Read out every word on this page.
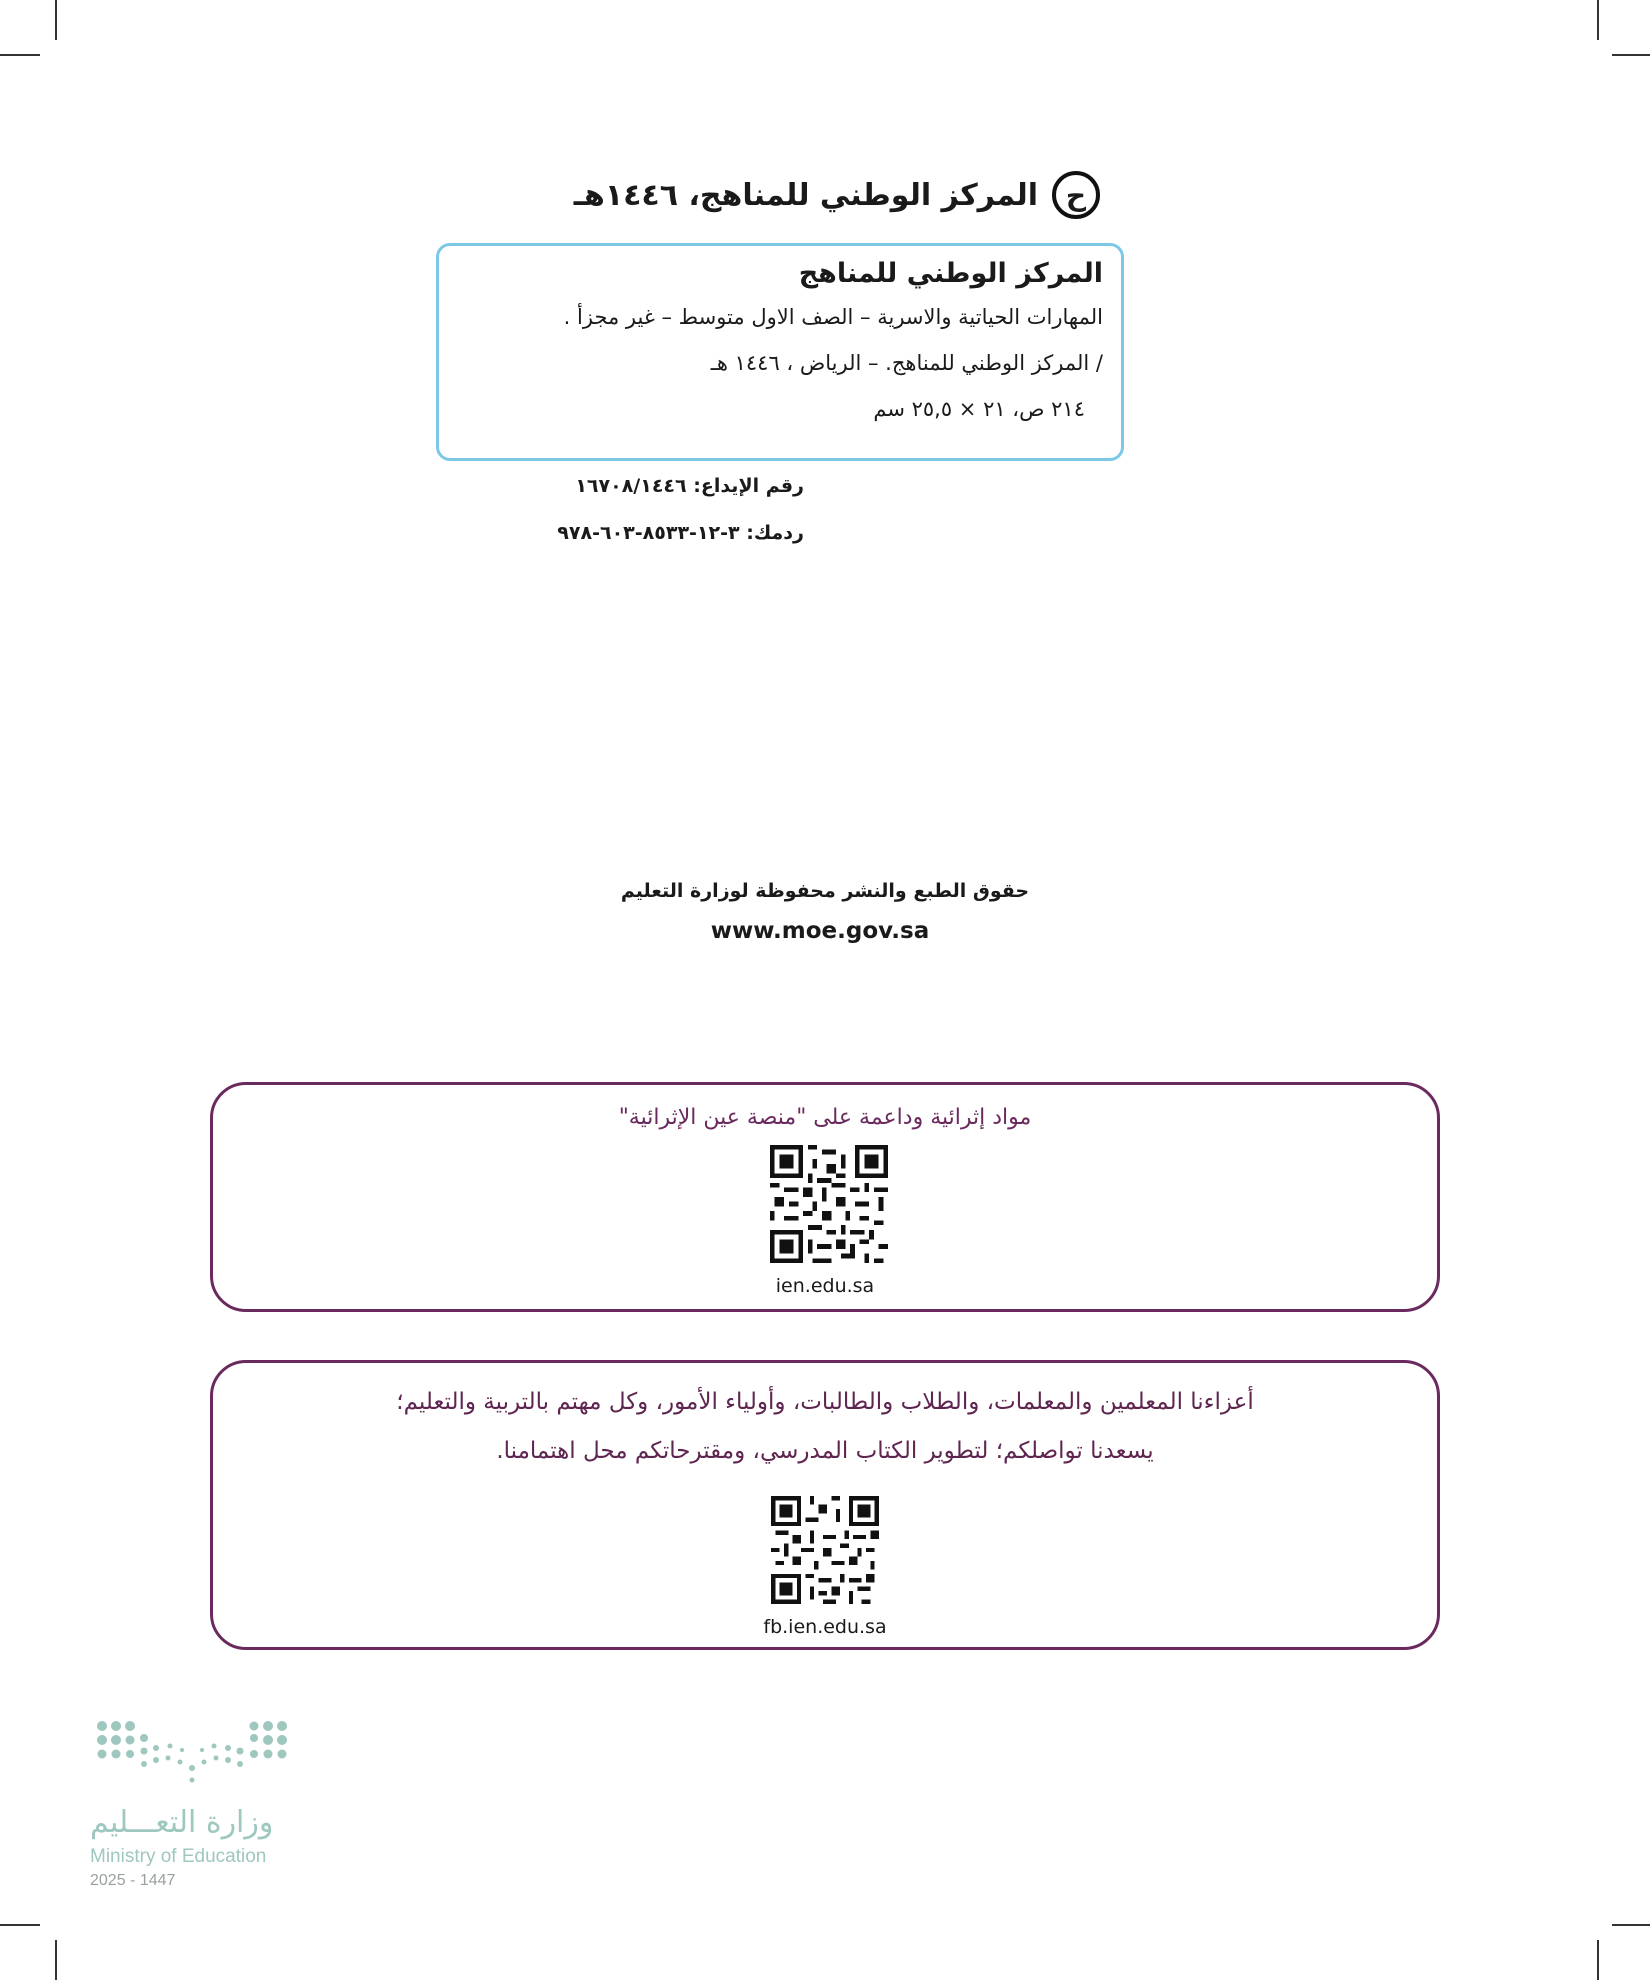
ح
المركز الوطني للمناهج، ١٤٤٦هـ
المركز الوطني للمناهج
المهارات الحياتية والاسرية – الصف الاول متوسط – غير مجزأ .
/ المركز الوطني للمناهج. – الرياض ، ١٤٤٦ هـ
٢١٤ ص، ٢١ × ٢٥,٥ سم
رقم الإيداع: ١٦٧٠٨/١٤٤٦
ردمك: ٣-١٢-٨٥٣٣-٦٠٣-٩٧٨
حقوق الطبع والنشر محفوظة لوزارة التعليم
www.moe.gov.sa
مواد إثرائية وداعمة على "منصة عين الإثرائية"
ien.edu.sa
أعزاءنا المعلمين والمعلمات، والطلاب والطالبات، وأولياء الأمور، وكل مهتم بالتربية والتعليم؛
يسعدنا تواصلكم؛ لتطوير الكتاب المدرسي، ومقترحاتكم محل اهتمامنا.
fb.ien.edu.sa
وزارة التعـــليم
Ministry of Education
2025 - 1447
